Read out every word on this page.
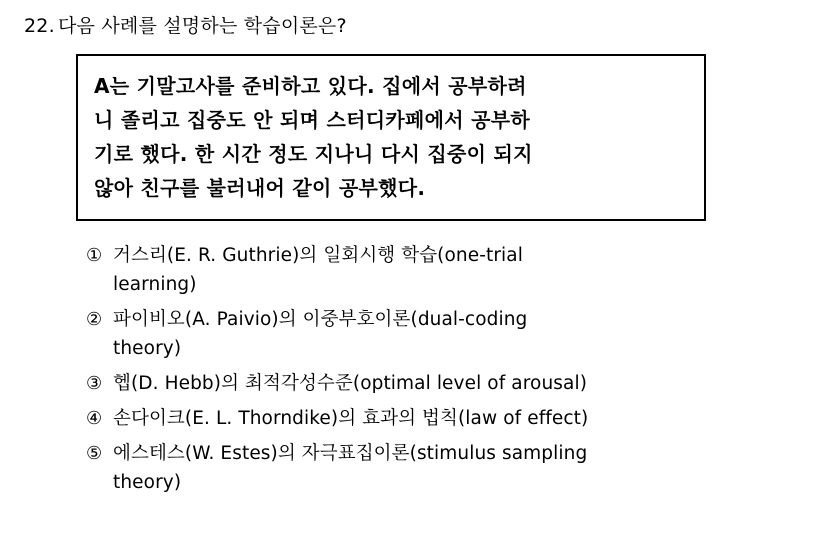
22. 다음 사례를 설명하는 학습이론은?
A는 기말고사를 준비하고 있다. 집에서 공부하려
니 졸리고 집중도 안 되며 스터디카페에서 공부하
기로 했다. 한 시간 정도 지나니 다시 집중이 되지
않아 친구를 불러내어 같이 공부했다.
① 거스리(E. R. Guthrie)의 일회시행 학습(one-trial
learning)
② 파이비오(A. Paivio)의 이중부호이론(dual-coding
theory)
③ 헵(D. Hebb)의 최적각성수준(optimal level of arousal)
④ 손다이크(E. L. Thorndike)의 효과의 법칙(law of effect)
⑤ 에스테스(W. Estes)의 자극표집이론(stimulus sampling
theory)
